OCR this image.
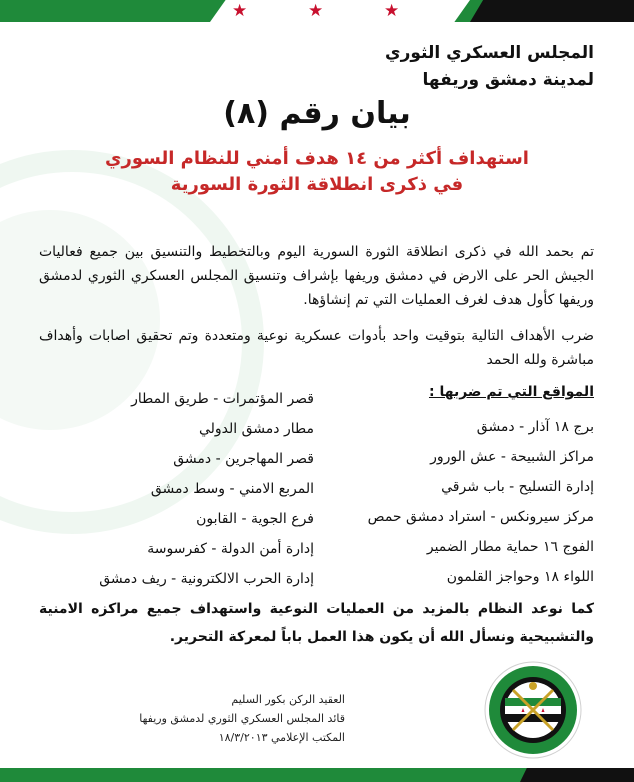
★	★	★
المجلس العسكري الثوري
لمدينة دمشق وريفها
بيان رقم (٨)
استهداف أكثر من ١٤ هدف أمني للنظام السوري
في ذكرى انطلاقة الثورة السورية
تم بحمد الله في ذكرى انطلاقة الثورة السورية اليوم وبالتخطيط والتنسيق بين جميع فعاليات الجيش الحر على الارض في دمشق وريفها بإشراف وتنسيق المجلس العسكري الثوري لدمشق وريفها كأول هدف لغرف العمليات التي تم إنشاؤها.
ضرب الأهداف التالية بتوقيت واحد بأدوات عسكرية نوعية ومتعددة وتم تحقيق اصابات وأهداف مباشرة ولله الحمد
المواقع التي تم ضربها :
برج ١٨ آذار - دمشق
مراكز الشبيحة - عش الورور
إدارة التسليح - باب شرقي
مركز سيرونكس - استراد دمشق حمص
الفوج ١٦ حماية مطار الضمير
اللواء ١٨ وحواجز القلمون
قصر المؤتمرات - طريق المطار
مطار دمشق الدولي
قصر المهاجرين - دمشق
المربع الامني - وسط دمشق
فرع الجوية - القابون
إدارة أمن الدولة - كفرسوسة
إدارة الحرب الالكترونية - ريف دمشق
كما نوعد النظام بالمزيد من العمليات النوعية واستهداف جميع مراكزه الامنية والتشبيحية ونسأل الله أن يكون هذا العمل باباً لمعركة التحرير.
العقيد الركن بكور السليم
قائد المجلس العسكري الثوري لدمشق وريفها
المكتب الإعلامي ١٨/٣/٢٠١٣
